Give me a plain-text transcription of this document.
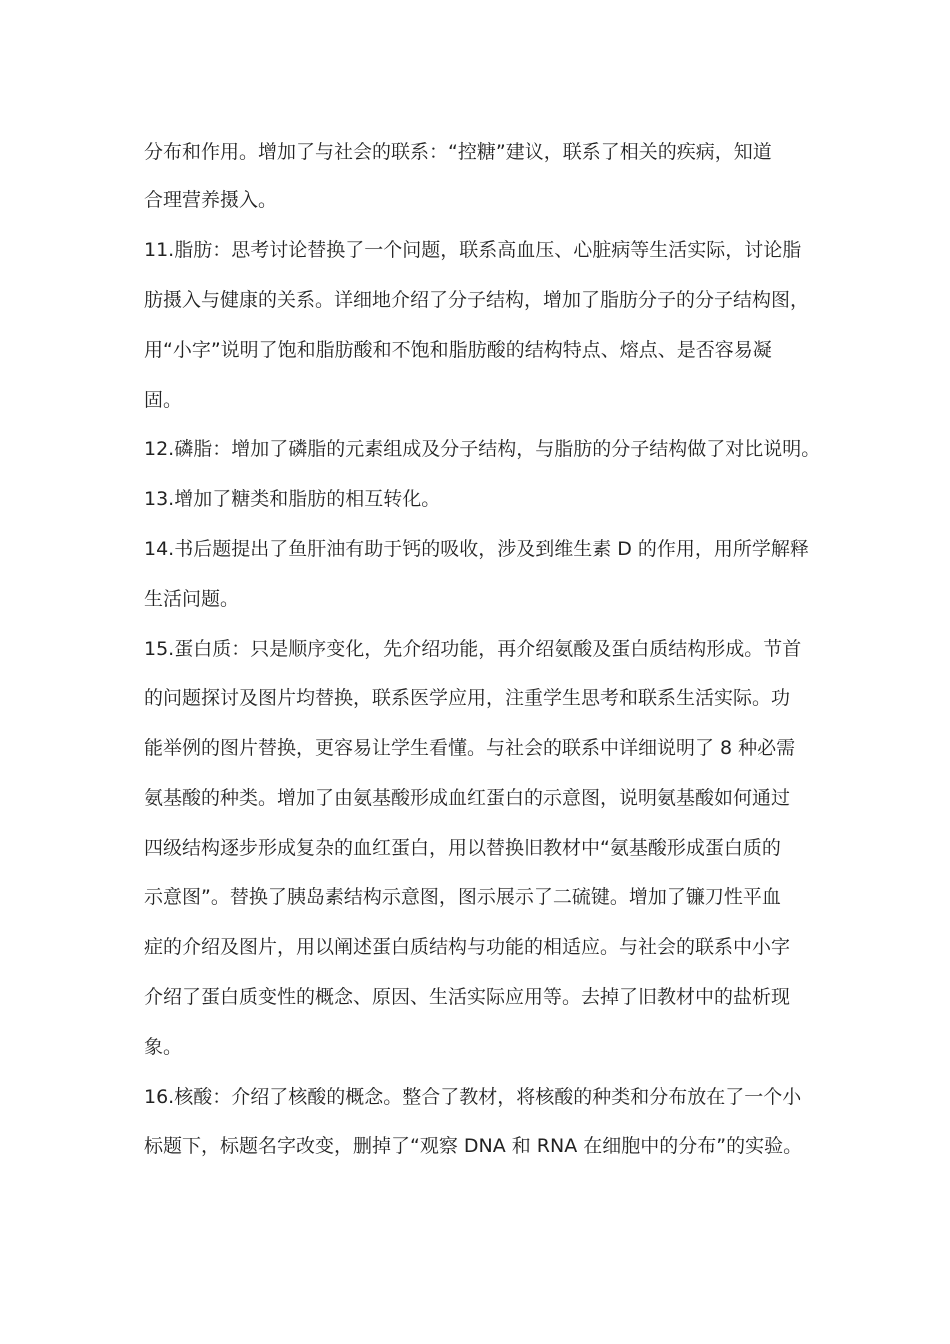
分布和作用。增加了与社会的联系：“控糖”建议，联系了相关的疾病，知道
合理营养摄入。
11.脂肪：思考讨论替换了一个问题，联系高血压、心脏病等生活实际，讨论脂
肪摄入与健康的关系。详细地介绍了分子结构，增加了脂肪分子的分子结构图，
用“小字”说明了饱和脂肪酸和不饱和脂肪酸的结构特点、熔点、是否容易凝
固。
12.磷脂：增加了磷脂的元素组成及分子结构，与脂肪的分子结构做了对比说明。
13.增加了糖类和脂肪的相互转化。
14.书后题提出了鱼肝油有助于钙的吸收，涉及到维生素 D 的作用，用所学解释
生活问题。
15.蛋白质：只是顺序变化，先介绍功能，再介绍氨酸及蛋白质结构形成。节首
的问题探讨及图片均替换，联系医学应用，注重学生思考和联系生活实际。功
能举例的图片替换，更容易让学生看懂。与社会的联系中详细说明了 8 种必需
氨基酸的种类。增加了由氨基酸形成血红蛋白的示意图，说明氨基酸如何通过
四级结构逐步形成复杂的血红蛋白，用以替换旧教材中“氨基酸形成蛋白质的
示意图”。替换了胰岛素结构示意图，图示展示了二硫键。增加了镰刀性平血
症的介绍及图片，用以阐述蛋白质结构与功能的相适应。与社会的联系中小字
介绍了蛋白质变性的概念、原因、生活实际应用等。去掉了旧教材中的盐析现
象。
16.核酸：介绍了核酸的概念。整合了教材，将核酸的种类和分布放在了一个小
标题下，标题名字改变，删掉了“观察 DNA 和 RNA 在细胞中的分布”的实验。
